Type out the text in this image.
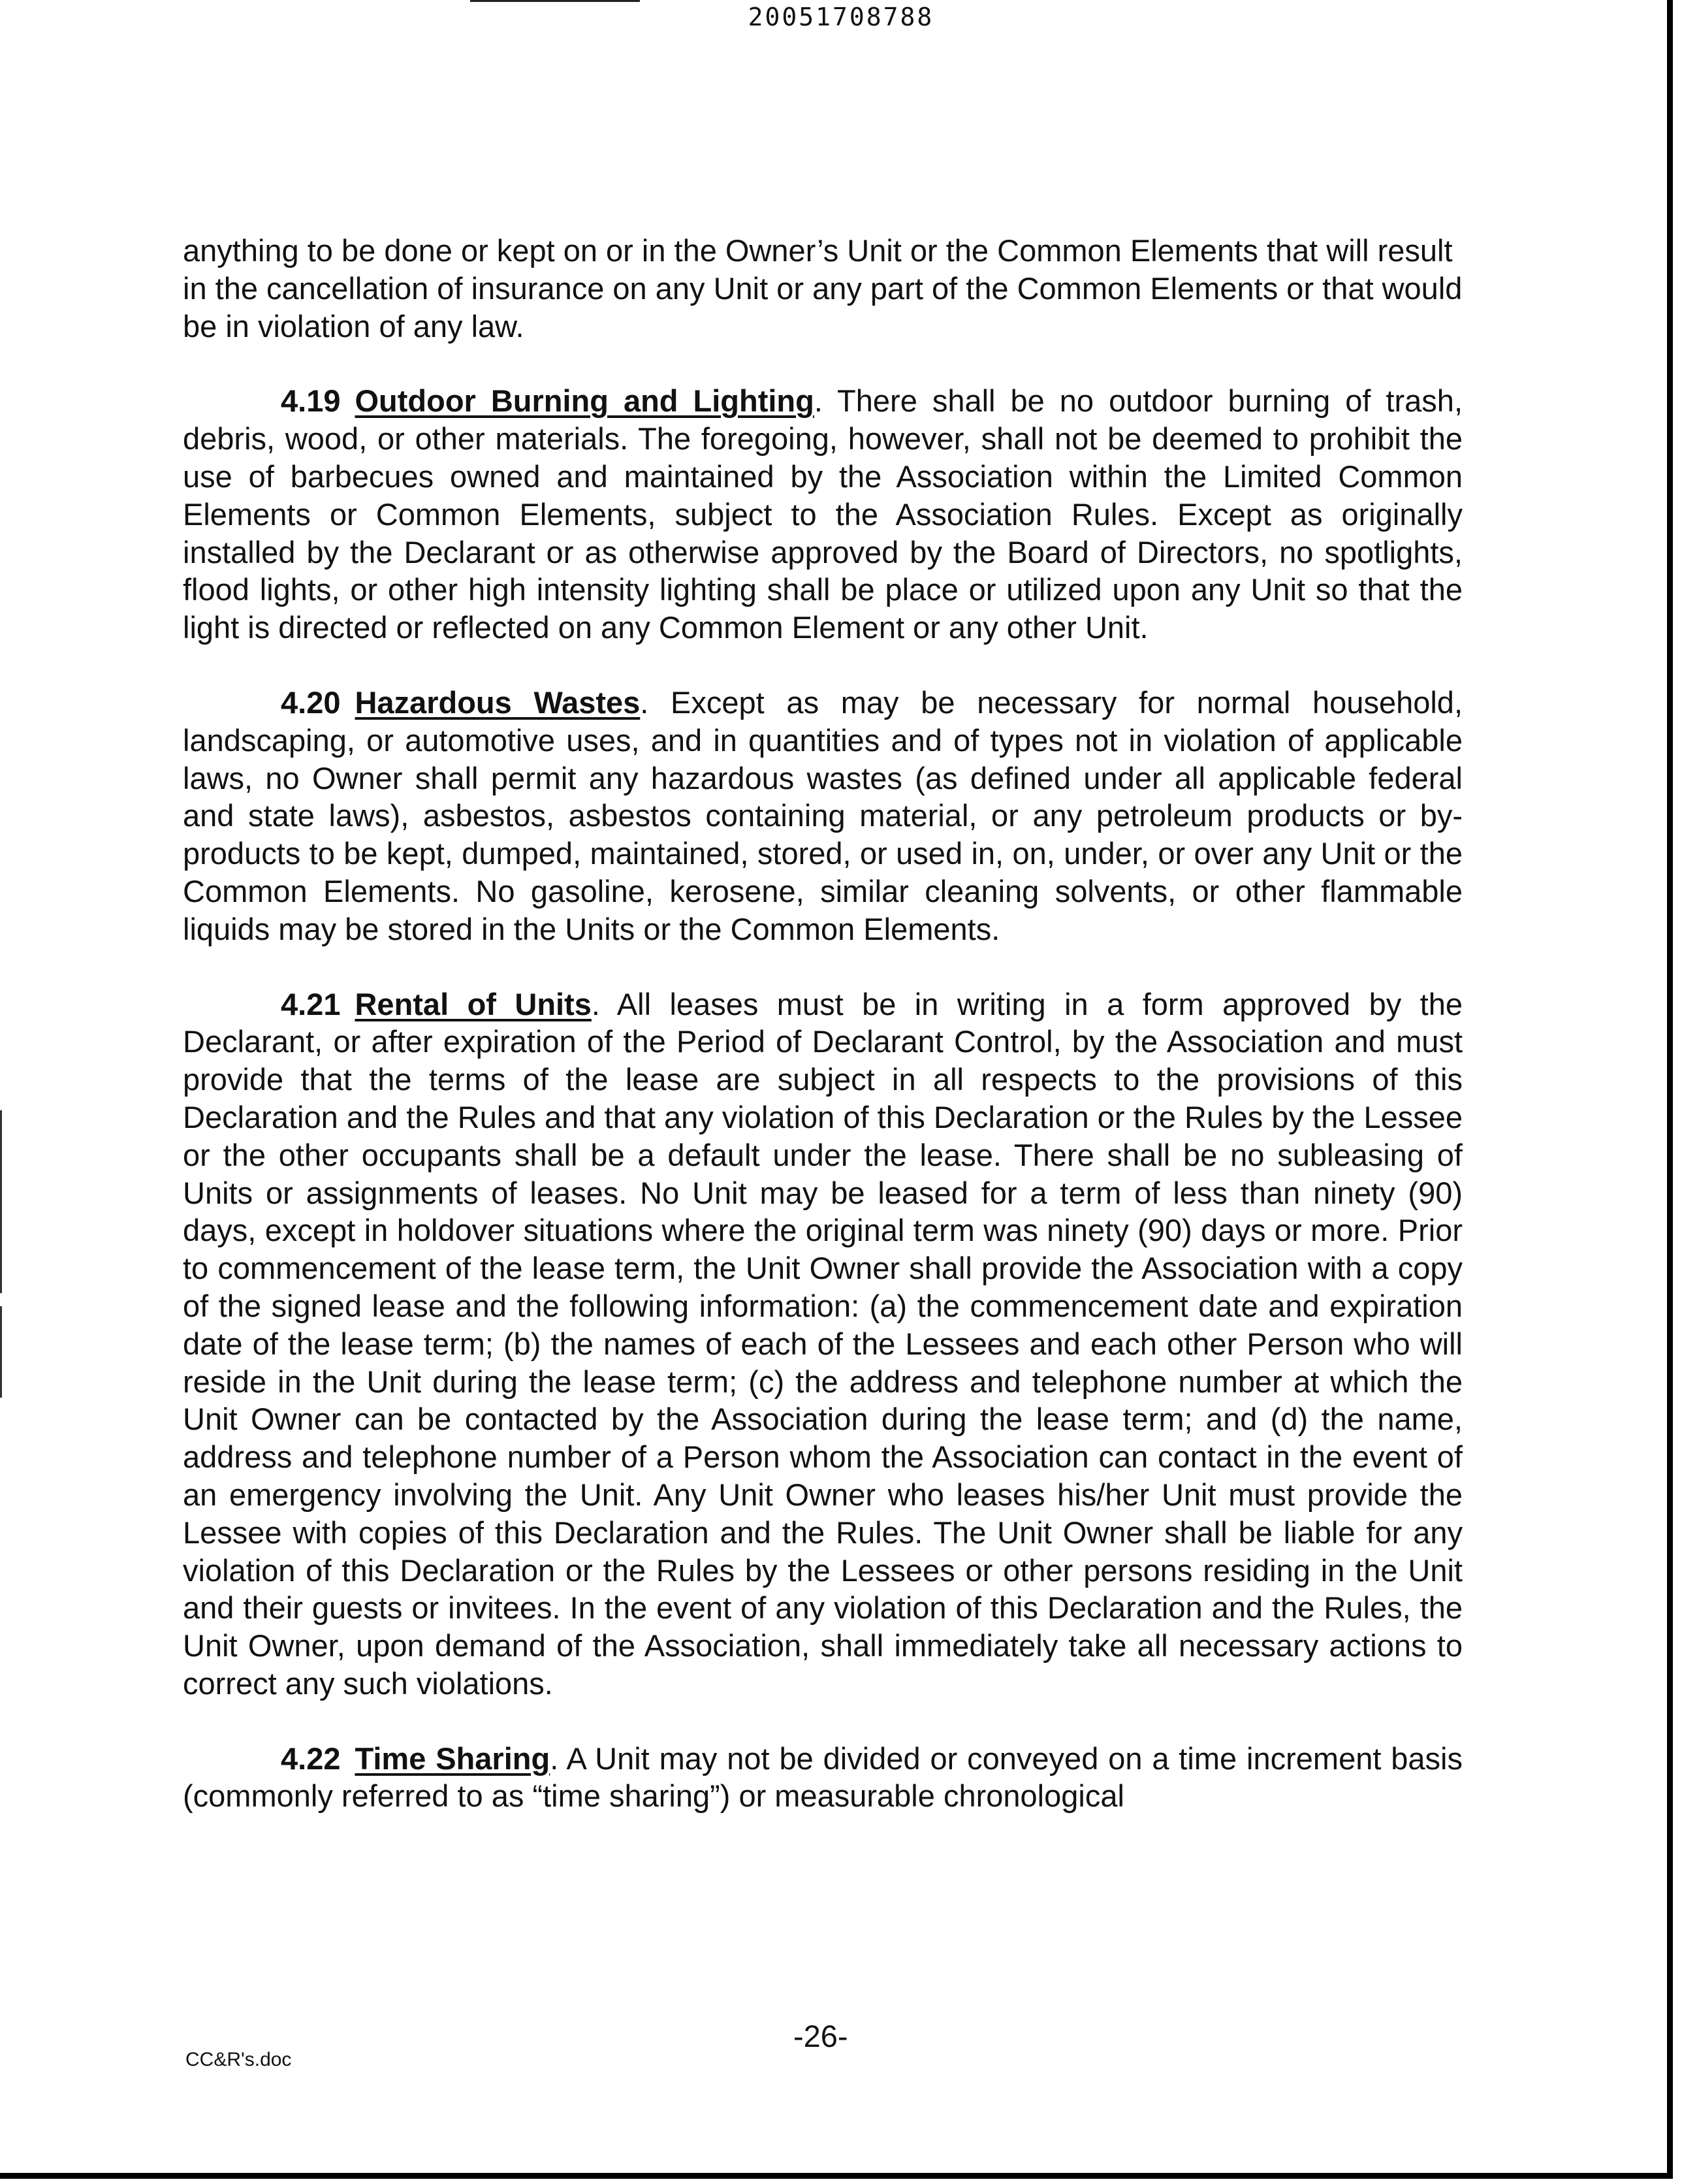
20051708788

anything to be done or kept on or in the Owner’s Unit or the Common Elements that will result in the cancellation of insurance on any Unit or any part of the Common Elements or that would be in violation of any law.

4.19 Outdoor Burning and Lighting. There shall be no outdoor burning of trash, debris, wood, or other materials. The foregoing, however, shall not be deemed to prohibit the use of barbecues owned and maintained by the Association within the Limited Common Elements or Common Elements, subject to the Association Rules. Except as originally installed by the Declarant or as otherwise approved by the Board of Directors, no spotlights, flood lights, or other high intensity lighting shall be place or utilized upon any Unit so that the light is directed or reflected on any Common Element or any other Unit.

4.20 Hazardous Wastes. Except as may be necessary for normal household, landscaping, or automotive uses, and in quantities and of types not in violation of applicable laws, no Owner shall permit any hazardous wastes (as defined under all applicable federal and state laws), asbestos, asbestos containing material, or any petroleum products or by-products to be kept, dumped, maintained, stored, or used in, on, under, or over any Unit or the Common Elements. No gasoline, kerosene, similar cleaning solvents, or other flammable liquids may be stored in the Units or the Common Elements.

4.21 Rental of Units. All leases must be in writing in a form approved by the Declarant, or after expiration of the Period of Declarant Control, by the Association and must provide that the terms of the lease are subject in all respects to the provisions of this Declaration and the Rules and that any violation of this Declaration or the Rules by the Lessee or the other occupants shall be a default under the lease. There shall be no subleasing of Units or assignments of leases. No Unit may be leased for a term of less than ninety (90) days, except in holdover situations where the original term was ninety (90) days or more. Prior to commencement of the lease term, the Unit Owner shall provide the Association with a copy of the signed lease and the following information: (a) the commencement date and expiration date of the lease term; (b) the names of each of the Lessees and each other Person who will reside in the Unit during the lease term; (c) the address and telephone number at which the Unit Owner can be contacted by the Association during the lease term; and (d) the name, address and telephone number of a Person whom the Association can contact in the event of an emergency involving the Unit. Any Unit Owner who leases his/her Unit must provide the Lessee with copies of this Declaration and the Rules. The Unit Owner shall be liable for any violation of this Declaration or the Rules by the Lessees or other persons residing in the Unit and their guests or invitees. In the event of any violation of this Declaration and the Rules, the Unit Owner, upon demand of the Association, shall immediately take all necessary actions to correct any such violations.

4.22 Time Sharing. A Unit may not be divided or conveyed on a time increment basis (commonly referred to as “time sharing”) or measurable chronological

-26-
CC&R's.doc
